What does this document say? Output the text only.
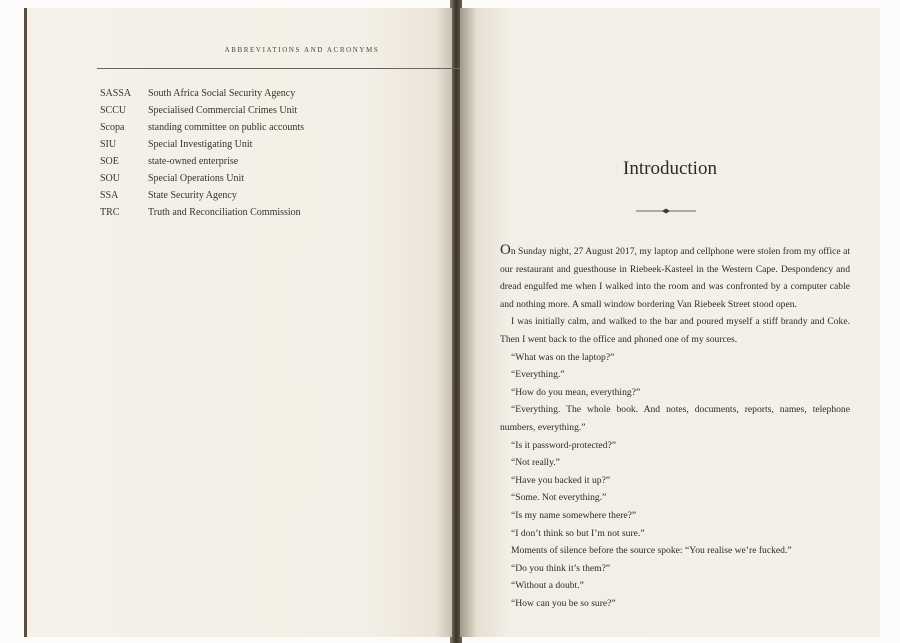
ABBREVIATIONS AND ACRONYMS
SASSA South Africa Social Security Agency
SCCU Specialised Commercial Crimes Unit
Scopa standing committee on public accounts
SIU	Special Investigating Unit
SOE	state-owned enterprise
SOU	Special Operations Unit
SSA	State Security Agency
TRC	Truth and Reconciliation Commission
Introduction

On Sunday night, 27 August 2017, my laptop and cellphone were stolen from my office at our restaurant and guesthouse in Riebeek-Kasteel in the Western Cape. Despondency and dread engulfed me when I walked into the room and was confronted by a computer cable and nothing more. A small window bordering Van Riebeek Street stood open.

I was initially calm, and walked to the bar and poured myself a stiff brandy and Coke. Then I went back to the office and phoned one of my sources.

“What was on the laptop?”

“Everything.”

“How do you mean, everything?”

“Everything. The whole book. And notes, documents, reports, names, telephone numbers, everything.”

“Is it password-protected?”

“Not really.”

“Have you backed it up?”

“Some. Not everything.”

“Is my name somewhere there?”

“I don’t think so but I’m not sure.”

Moments of silence before the source spoke: “You realise we’re fucked.”

“Do you think it’s them?”

“Without a doubt.”

“How can you be so sure?”
